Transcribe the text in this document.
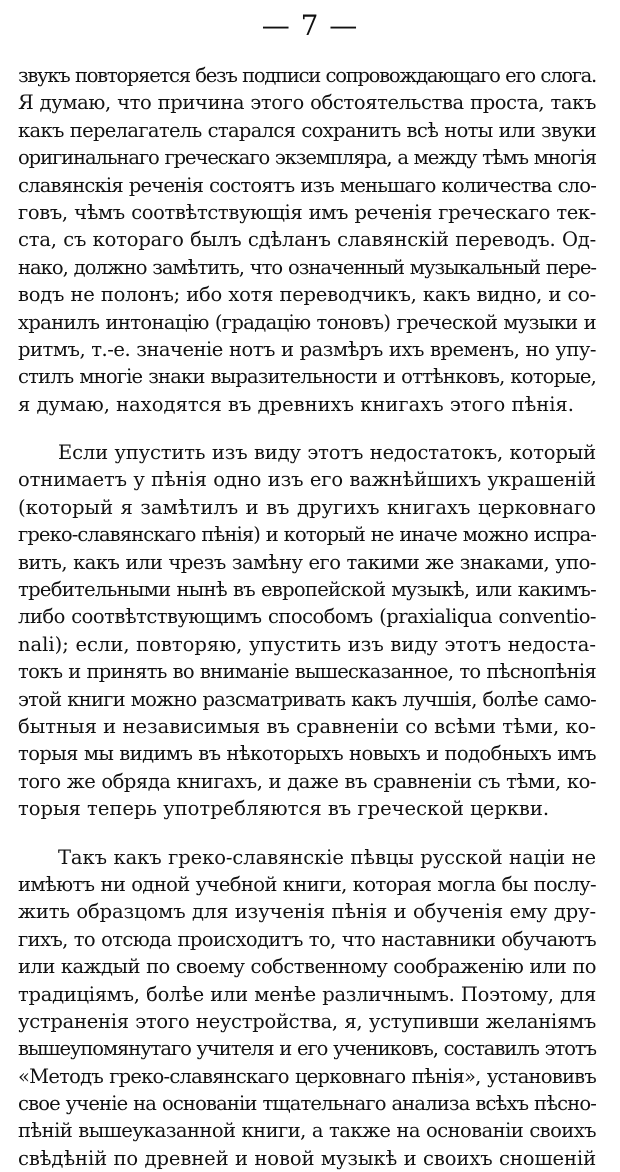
— 7 —
звукъ повторяется безъ подписи сопровождающаго его слога.
Я думаю, что причина этого обстоятельства проста, такъ
какъ перелагатель старался сохранить всѣ ноты или звуки
оригинальнаго греческаго экземпляра, а между тѣмъ многiя
славянскiя реченiя состоятъ изъ меньшаго количества сло-
говъ, чѣмъ соотвѣтствующiя имъ реченiя греческаго тек-
ста, съ котораго былъ сдѣланъ славянскiй переводъ. Од-
нако, должно замѣтить, что означенный музыкальный пере-
водъ не полонъ; ибо хотя переводчикъ, какъ видно, и со-
хранилъ интонацiю (градацiю тоновъ) греческой музыки и
ритмъ, т.-е. значенiе нотъ и размѣръ ихъ временъ, но упу-
стилъ многiе знаки выразительности и оттѣнковъ, которые,
я думаю, находятся въ древнихъ книгахъ этого пѣнiя.
Если упустить изъ виду этотъ недостатокъ, который
отнимаетъ у пѣнiя одно изъ его важнѣйшихъ украшенiй
(который я замѣтилъ и въ другихъ книгахъ церковнаго
греко-славянскаго пѣнiя) и который не иначе можно испра-
вить, какъ или чрезъ замѣну его такими же знаками, упо-
требительными нынѣ въ европейской музыкѣ, или какимъ-
либо соотвѣтствующимъ способомъ (praxialiqua conventio-
nali); если, повторяю, упустить изъ виду этотъ недоста-
токъ и принять во вниманiе вышесказанное, то пѣснопѣнiя
этой книги можно разсматривать какъ лучшiя, болѣе само-
бытныя и независимыя въ сравненiи со всѣми тѣми, ко-
торыя мы видимъ въ нѣкоторыхъ новыхъ и подобныхъ имъ
того же обряда книгахъ, и даже въ сравненiи съ тѣми, ко-
торыя теперь употребляются въ греческой церкви.
Такъ какъ греко-славянскiе пѣвцы русской нацiи не
имѣютъ ни одной учебной книги, которая могла бы послу-
жить образцомъ для изученiя пѣнiя и обученiя ему дру-
гихъ, то отсюда происходитъ то, что наставники обучаютъ
или каждый по своему собственному соображенiю или по
традицiямъ, болѣе или менѣе различнымъ. Поэтому, для
устраненiя этого неустройства, я, уступивши желанiямъ
вышеупомянутаго учителя и его учениковъ, составилъ этотъ
«Методъ греко-славянскаго церковнаго пѣнiя», установивъ
свое ученiе на основанiи тщательнаго анализа всѣхъ пѣсно-
пѣнiй вышеуказанной книги, а также на основанiи своихъ
свѣдѣнiй по древней и новой музыкѣ и своихъ сношенiй
